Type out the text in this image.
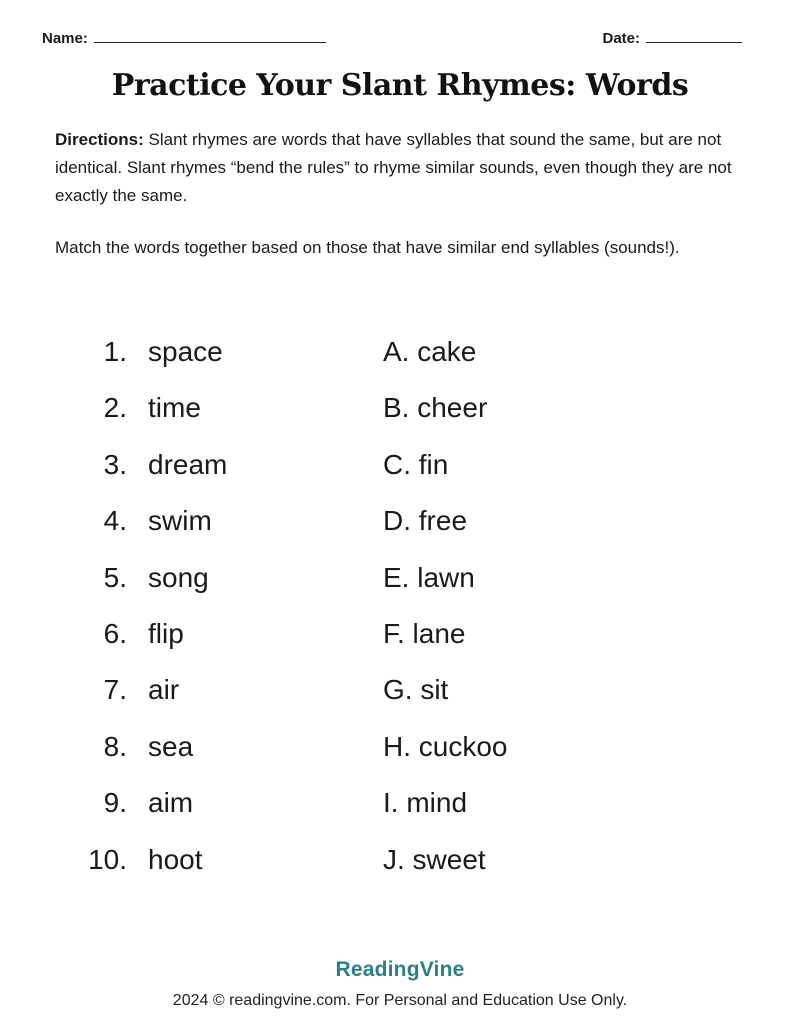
Name:	Date:
Practice Your Slant Rhymes: Words

Directions: Slant rhymes are words that have syllables that sound the same, but are not identical. Slant rhymes “bend the rules” to rhyme similar sounds, even though they are not exactly the same.

Match the words together based on those that have similar end syllables (sounds!).

1. space
2. time
3. dream
4. swim
5. song
6. flip
7. air
8. sea
9. aim
10. hoot
A. cake
B. cheer
C. fin
D. free
E. lawn
F. lane
G. sit
H. cuckoo
I. mind
J. sweet
ReadingVine
2024 © readingvine.com. For Personal and Education Use Only.
